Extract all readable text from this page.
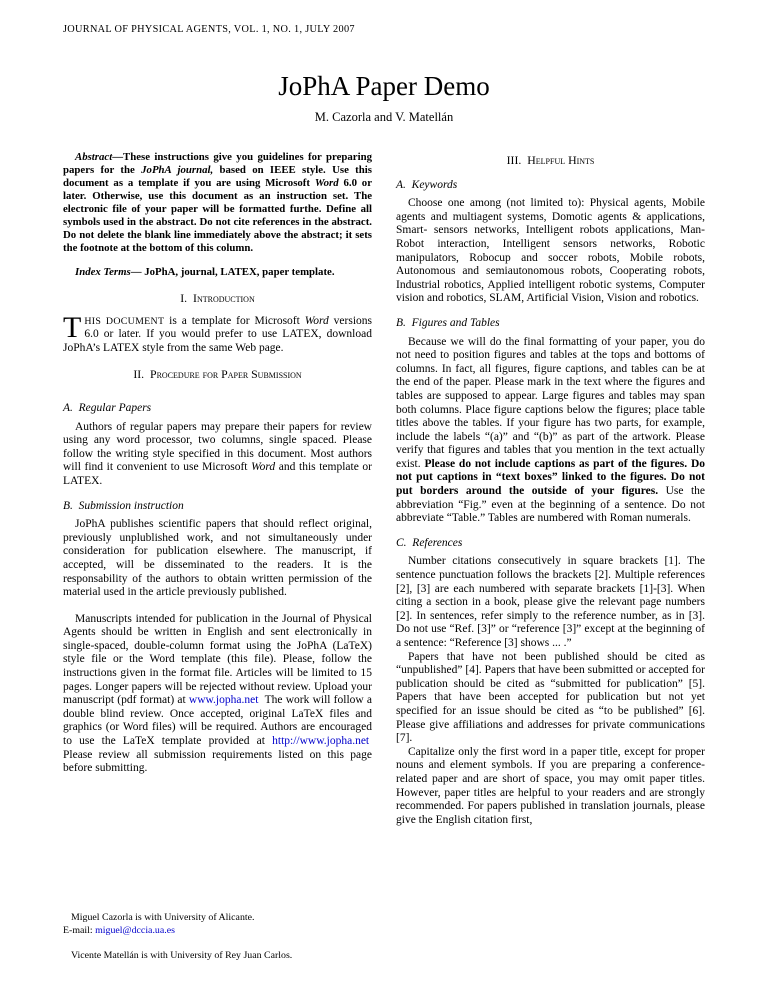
JOURNAL OF PHYSICAL AGENTS, VOL. 1, NO. 1, JULY 2007
JoPhA Paper Demo
M. Cazorla and V. Matellán

Abstract—These instructions give you guidelines for preparing papers for the JoPhA journal, based on IEEE style. Use this document as a template if you are using Microsoft Word 6.0 or later. Otherwise, use this document as an instruction set. The electronic file of your paper will be formatted furthe. Define all symbols used in the abstract. Do not cite references in the abstract. Do not delete the blank line immediately above the abstract; it sets the footnote at the bottom of this column.

Index Terms— JoPhA, journal, LATEX, paper template.

I.  Introduction

THIS DOCUMENT is a template for Microsoft Word versions 6.0 or later. If you would prefer to use LATEX, download JoPhA’s LATEX style from the same Web page.

II.  Procedure for Paper Submission
A.  Regular Papers

Authors of regular papers may prepare their papers for review using any word processor, two columns, single spaced. Please follow the writing style specified in this document. Most authors will find it convenient to use Microsoft Word and this template or LATEX.

B.  Submission instruction

JoPhA publishes scientific papers that should reflect original, previously unplublished work, and not simultaneously under consideration for publication elsewhere. The manuscript, if accepted, will be disseminated to the readers. It is the responsability of the authors to obtain written permission of the material used in the article previously published.

Manuscripts intended for publication in the Journal of Physical Agents should be written in English and sent electronically in single-spaced, double-column format using the JoPhA (LaTeX) style file or the Word template (this file). Please, follow the instructions given in the format file. Articles will be limited to 15 pages. Longer papers will be rejected without review. Upload your manuscript (pdf format) at www.jopha.net  The work will follow a double blind review. Once accepted, original LaTeX files and graphics (or Word files) will be required. Authors are encouraged to use the LaTeX template provided at http://www.jopha.net  Please review all submission requirements listed on this page before submitting.

Miguel Cazorla is with University of Alicante.
E-mail: miguel@dccia.ua.es

Vicente Matellán is with University of Rey Juan Carlos.

III.  Helpful Hints
A.  Keywords

Choose one among (not limited to): Physical agents, Mobile agents and multiagent systems, Domotic agents & applications, Smart- sensors networks, Intelligent robots applications, Man-Robot interaction, Intelligent sensors networks, Robotic manipulators, Robocup and soccer robots, Mobile robots, Autonomous and semiautonomous robots, Cooperating robots, Industrial robotics, Applied intelligent robotic systems, Computer vision and robotics, SLAM, Artificial Vision, Vision and robotics.

B.  Figures and Tables

Because we will do the final formatting of your paper, you do not need to position figures and tables at the tops and bottoms of columns. In fact, all figures, figure captions, and tables can be at the end of the paper. Please mark in the text where the figures and tables are supposed to appear. Large figures and tables may span both columns. Place figure captions below the figures; place table titles above the tables. If your figure has two parts, for example, include the labels “(a)” and “(b)” as part of the artwork. Please verify that figures and tables that you mention in the text actually exist. Please do not include captions as part of the figures. Do not put captions in “text boxes” linked to the figures. Do not put borders around the outside of your figures. Use the abbreviation “Fig.” even at the beginning of a sentence. Do not abbreviate “Table.” Tables are numbered with Roman numerals.

C.  References

Number citations consecutively in square brackets [1]. The sentence punctuation follows the brackets [2]. Multiple references [2], [3] are each numbered with separate brackets [1]-[3]. When citing a section in a book, please give the relevant page numbers [2]. In sentences, refer simply to the reference number, as in [3]. Do not use “Ref. [3]” or “reference [3]” except at the beginning of a sentence: “Reference [3] shows ... .”

Papers that have not been published should be cited as “unpublished” [4]. Papers that have been submitted or accepted for publication should be cited as “submitted for publication” [5]. Papers that have been accepted for publication but not yet specified for an issue should be cited as “to be published” [6]. Please give affiliations and addresses for private communications [7].

Capitalize only the first word in a paper title, except for proper nouns and element symbols. If you are preparing a conference-related paper and are short of space, you may omit paper titles. However, paper titles are helpful to your readers and are strongly recommended. For papers published in translation journals, please give the English citation first,
